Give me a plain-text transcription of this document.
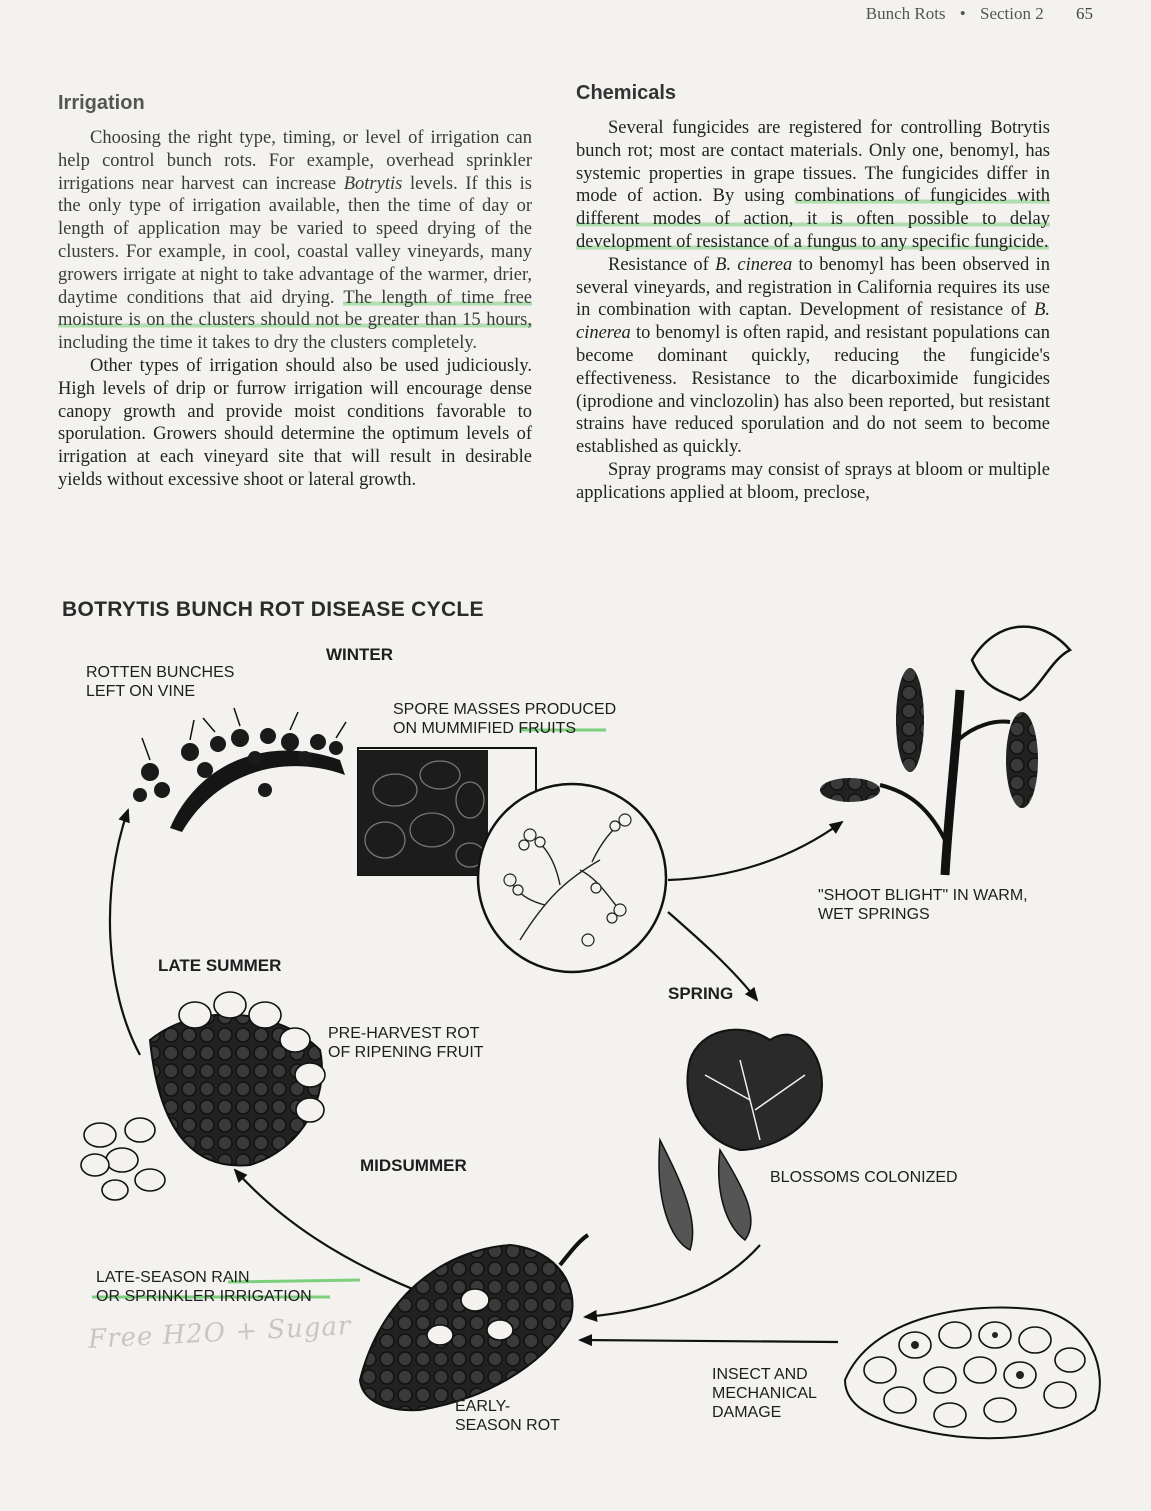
Bunch Rots • Section 2 65
Irrigation

Choosing the right type, timing, or level of irrigation can help control bunch rots. For example, overhead sprinkler irrigations near harvest can increase Botrytis levels. If this is the only type of irrigation available, then the time of day or length of application may be varied to speed drying of the clusters. For example, in cool, coastal valley vineyards, many growers irrigate at night to take advantage of the warmer, drier, daytime conditions that aid drying. The length of time free moisture is on the clusters should not be greater than 15 hours, including the time it takes to dry the clusters completely.

Other types of irrigation should also be used judiciously. High levels of drip or furrow irrigation will encourage dense canopy growth and provide moist conditions favorable to sporulation. Growers should determine the optimum levels of irrigation at each vineyard site that will result in desirable yields without excessive shoot or lateral growth.

Chemicals

Several fungicides are registered for controlling Botrytis bunch rot; most are contact materials. Only one, benomyl, has systemic properties in grape tissues. The fungicides differ in mode of action. By using combinations of fungicides with different modes of action, it is often possible to delay development of resistance of a fungus to any specific fungicide.

Resistance of B. cinerea to benomyl has been observed in several vineyards, and registration in California requires its use in combination with captan. Development of resistance of B. cinerea to benomyl is often rapid, and resistant populations can become dominant quickly, reducing the fungicide's effectiveness. Resistance to the dicarboximide fungicides (iprodione and vinclozolin) has also been reported, but resistant strains have reduced sporulation and do not seem to become established as quickly.

Spray programs may consist of sprays at bloom or multiple applications applied at bloom, preclose,

BOTRYTIS BUNCH ROT DISEASE CYCLE
WINTER
SPRING
LATE SUMMER
MIDSUMMER
ROTTEN BUNCHES
LEFT ON VINE
SPORE MASSES PRODUCED
ON MUMMIFIED FRUITS
"SHOOT BLIGHT" IN WARM,
WET SPRINGS
PRE-HARVEST ROT
OF RIPENING FRUIT
BLOSSOMS COLONIZED
LATE-SEASON RAIN
OR SPRINKLER IRRIGATION
INSECT AND
MECHANICAL
DAMAGE
EARLY-
SEASON ROT
Free H2O + Sugar
